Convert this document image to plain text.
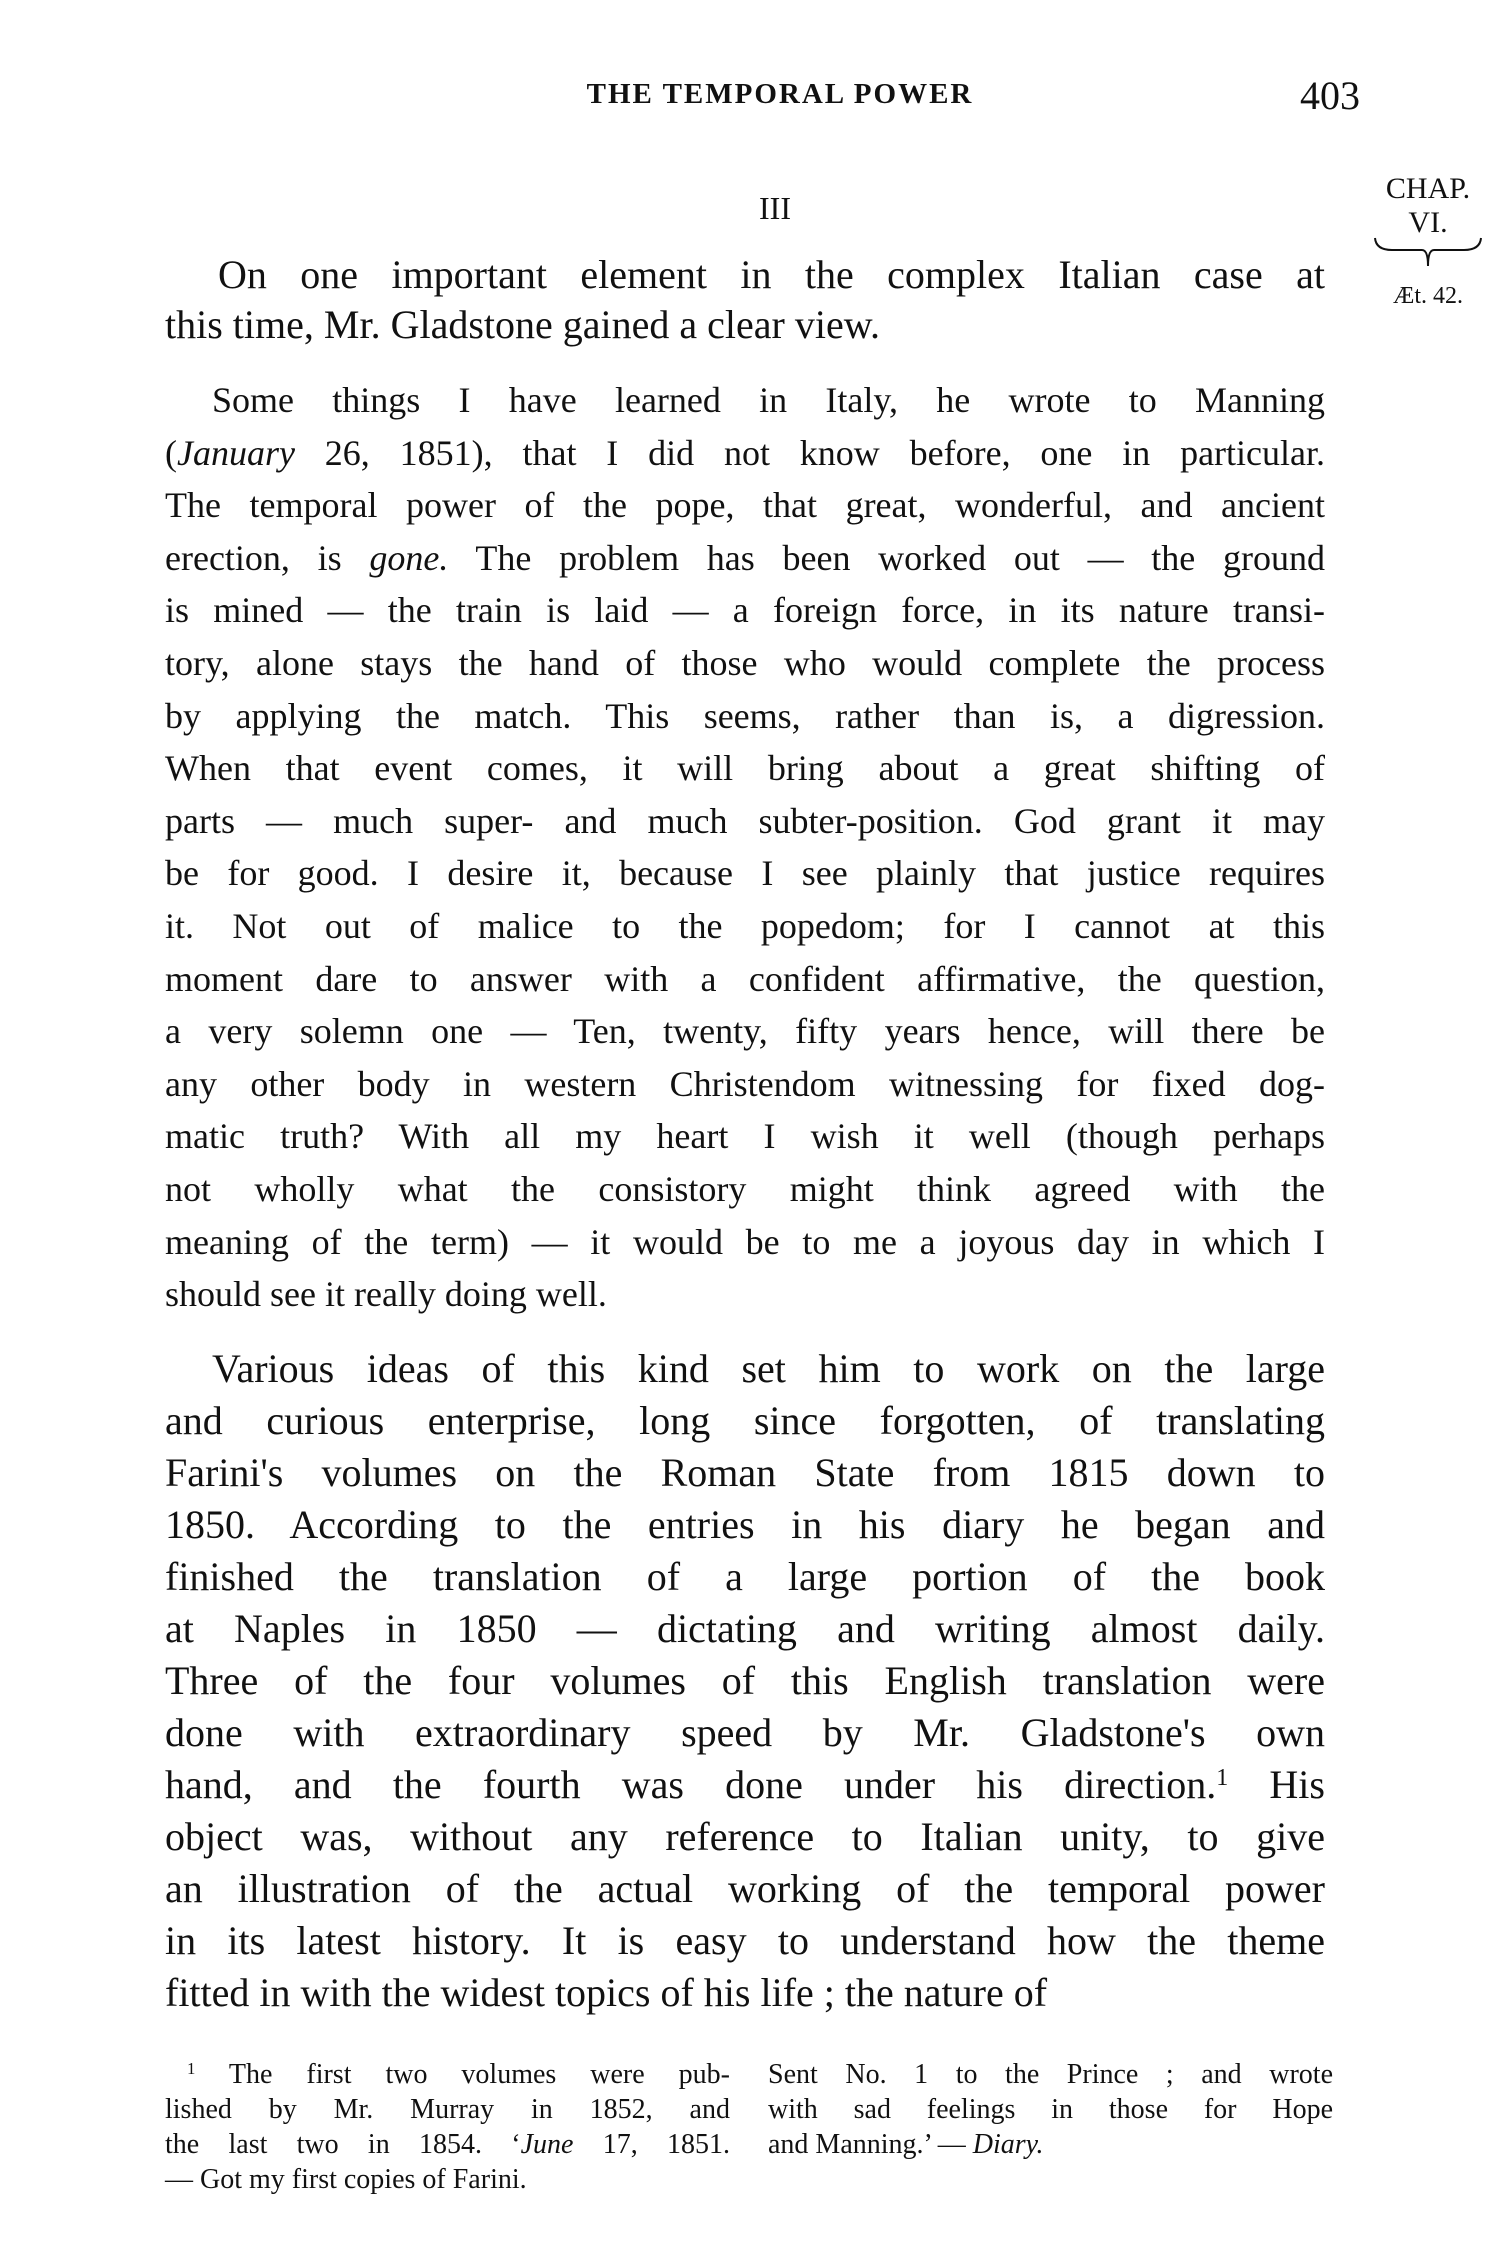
THE TEMPORAL POWER	403
III
CHAP.
VI.
Æt. 42.
On one important element in the complex Italian case at
this time, Mr. Gladstone gained a clear view.
Some things I have learned in Italy, he wrote to Manning
(January 26, 1851), that I did not know before, one in particular.
The temporal power of the pope, that great, wonderful, and ancient
erection, is gone. The problem has been worked out — the ground
is mined — the train is laid — a foreign force, in its nature transi-
tory, alone stays the hand of those who would complete the process
by applying the match. This seems, rather than is, a digression.
When that event comes, it will bring about a great shifting of
parts — much super- and much subter-position. God grant it may
be for good. I desire it, because I see plainly that justice requires
it. Not out of malice to the popedom; for I cannot at this
moment dare to answer with a confident affirmative, the question,
a very solemn one — Ten, twenty, fifty years hence, will there be
any other body in western Christendom witnessing for fixed dog-
matic truth? With all my heart I wish it well (though perhaps
not wholly what the consistory might think agreed with the
meaning of the term) — it would be to me a joyous day in which I
should see it really doing well.
Various ideas of this kind set him to work on the large
and curious enterprise, long since forgotten, of translating
Farini's volumes on the Roman State from 1815 down to
1850. According to the entries in his diary he began and
finished the translation of a large portion of the book
at Naples in 1850 — dictating and writing almost daily.
Three of the four volumes of this English translation were
done with extraordinary speed by Mr. Gladstone's own
hand, and the fourth was done under his direction.$^1$ His
object was, without any reference to Italian unity, to give
an illustration of the actual working of the temporal power
in its latest history. It is easy to understand how the theme
fitted in with the widest topics of his life ; the nature of
$^1$ The first two volumes were pub-
lished by Mr. Murray in 1852, and
the last two in 1854. ‘June 17, 1851.
— Got my first copies of Farini.
Sent No. 1 to the Prince ; and wrote
with sad feelings in those for Hope
and Manning.’ — Diary.
